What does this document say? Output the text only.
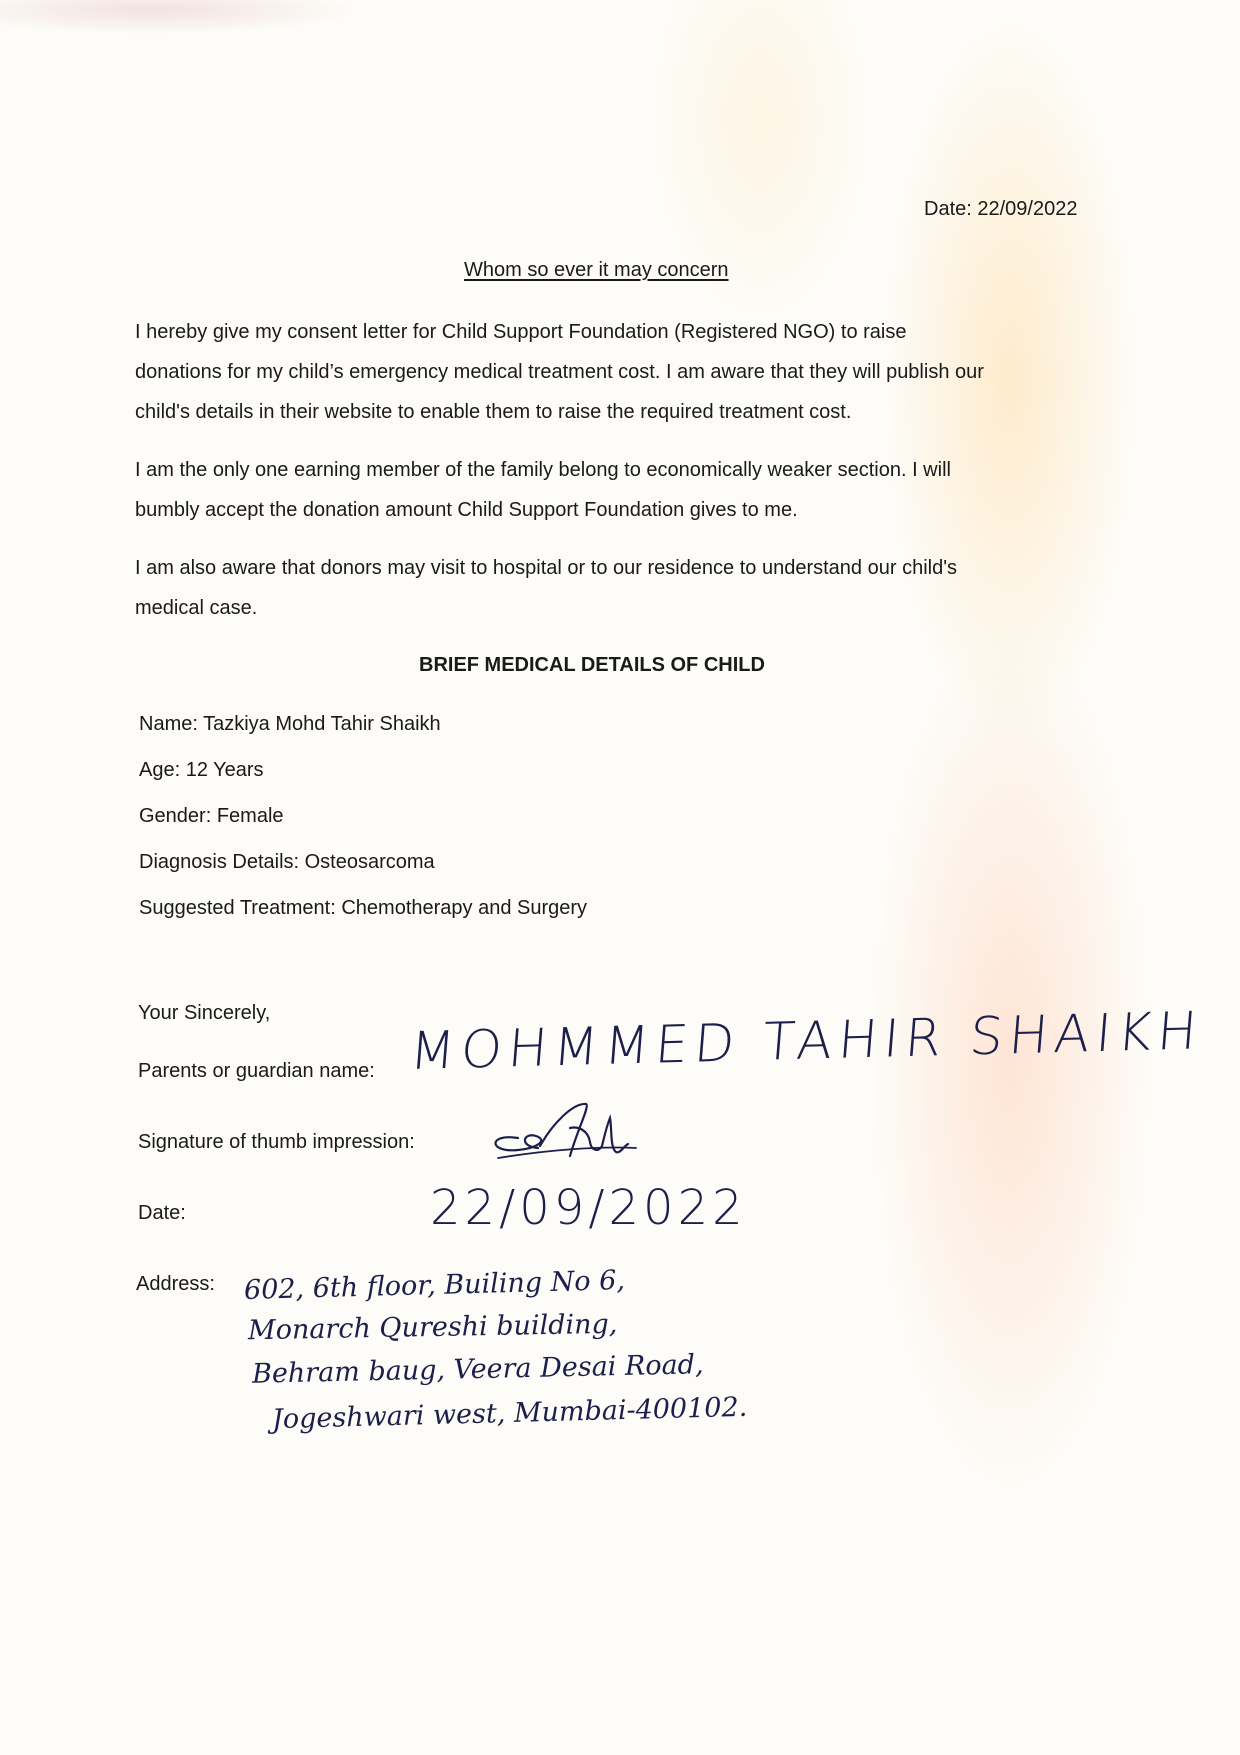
Date: 22/09/2022
Whom so ever it may concern

I hereby give my consent letter for Child Support Foundation (Registered NGO) to raise

donations for my child’s emergency medical treatment cost. I am aware that they will publish our

child's details in their website to enable them to raise the required treatment cost.

I am the only one earning member of the family belong to economically weaker section. I will

bumbly accept the donation amount Child Support Foundation gives to me.

I am also aware that donors may visit to hospital or to our residence to understand our child's

medical case.

BRIEF MEDICAL DETAILS OF CHILD
Name: Tazkiya Mohd Tahir Shaikh
Age: 12 Years
Gender: Female
Diagnosis Details: Osteosarcoma
Suggested Treatment: Chemotherapy and Surgery
Your Sincerely,
Parents or guardian name: MOHMMED TAHIR SHAIKH
Signature of thumb impression:
Date:	22/09/2022
Address: 602, 6th floor, Builing No 6,
Monarch Qureshi building,
Behram baug, Veera Desai Road,
Jogeshwari west, Mumbai-400102.
